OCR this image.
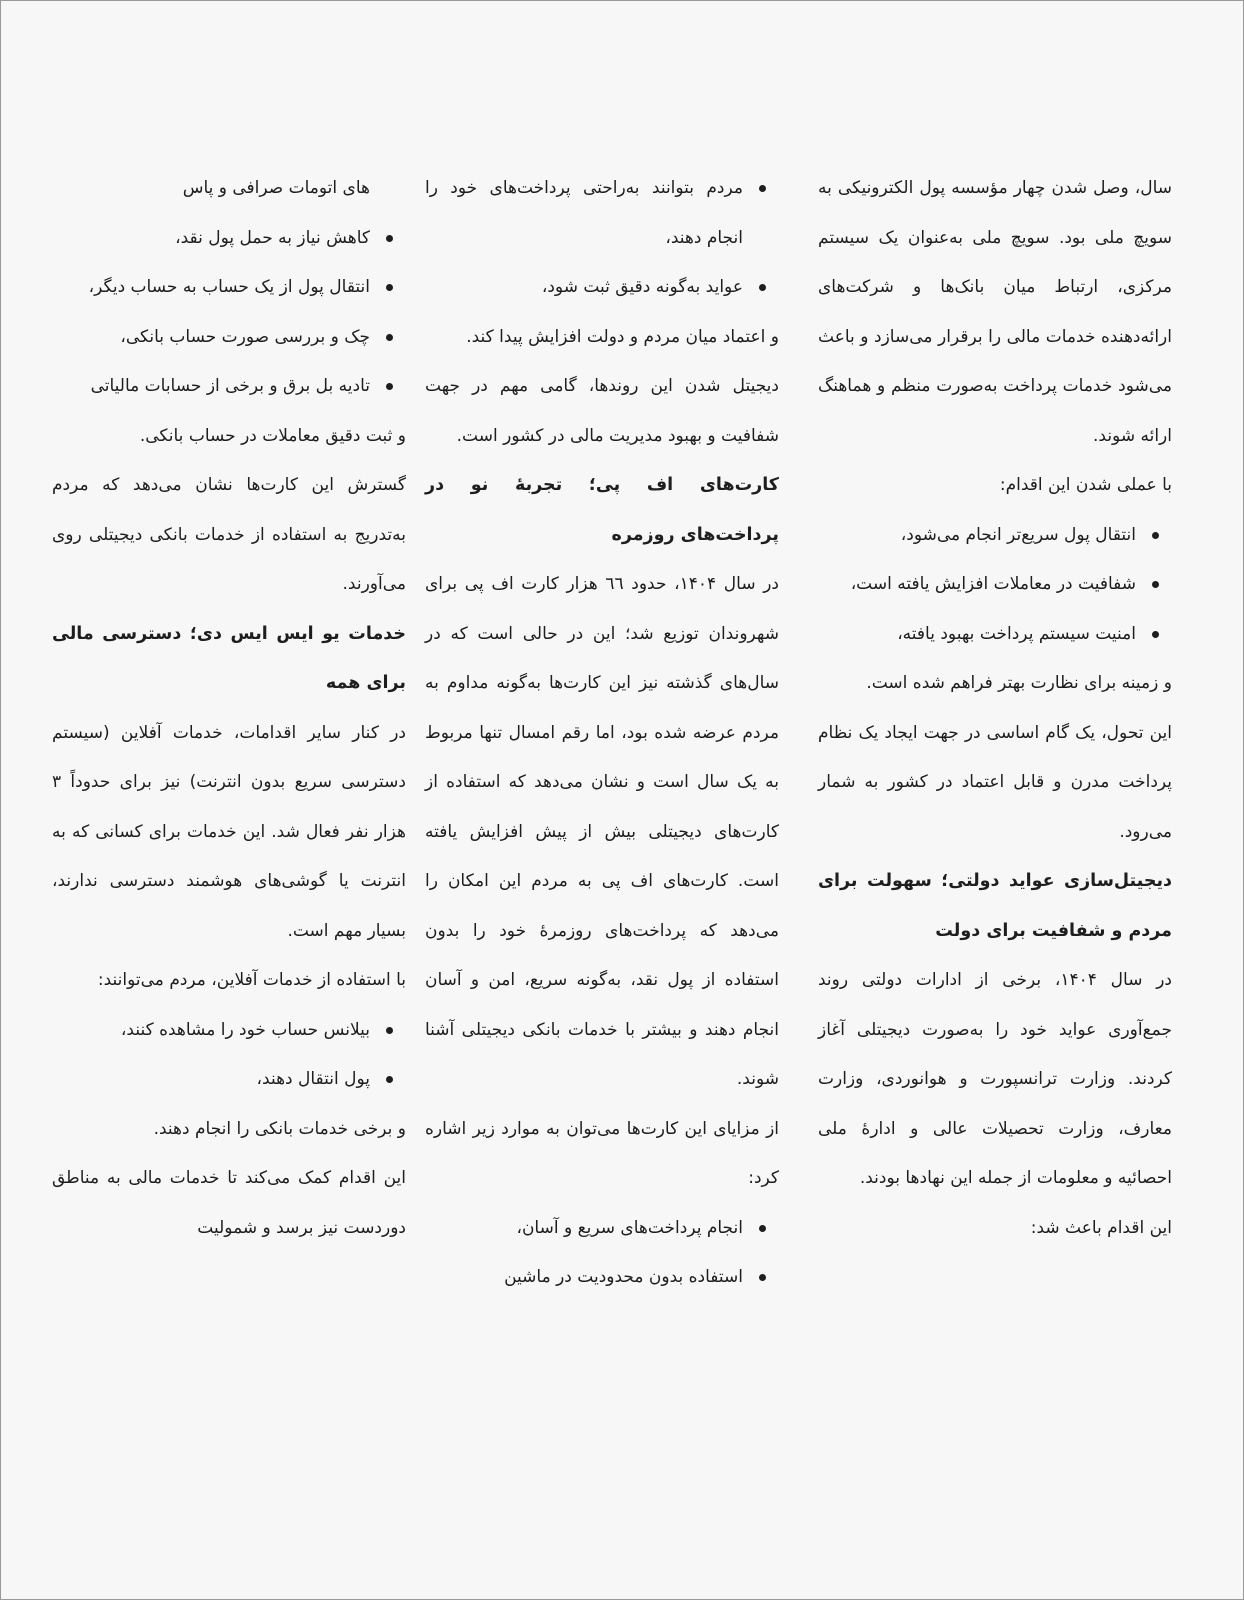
سال، وصل شدن چهار مؤسسه پول الکترونیکی به سویچ ملی بود. سویچ ملی به‌عنوان یک سیستم مرکزی، ارتباط میان بانک‌ها و شرکت‌های ارائه‌دهنده خدمات مالی را برقرار می‌سازد و باعث می‌شود خدمات پرداخت به‌صورت منظم و هماهنگ ارائه شوند.

با عملی شدن این اقدام:

انتقال پول سریع‌تر انجام می‌شود،
شفافیت در معاملات افزایش یافته است،
امنیت سیستم پرداخت بهبود یافته،

و زمینه برای نظارت بهتر فراهم شده است.

این تحول، یک گام اساسی در جهت ایجاد یک نظام پرداخت مدرن و قابل اعتماد در کشور به شمار می‌رود.

دیجیتل‌سازی عواید دولتی؛ سهولت برای مردم و شفافیت برای دولت

در سال ۱۴۰۴، برخی از ادارات دولتی روند جمع‌آوری عواید خود را به‌صورت دیجیتلی آغاز کردند. وزارت ترانسپورت و هوانوردی، وزارت معارف، وزارت تحصیلات عالی و ادارهٔ ملی احصائیه و معلومات از جمله این نهادها بودند.

این اقدام باعث شد:

مردم بتوانند به‌راحتی پرداخت‌های خود را انجام دهند،
عواید به‌گونه دقیق ثبت شود،

و اعتماد میان مردم و دولت افزایش پیدا کند.

دیجیتل شدن این روندها، گامی مهم در جهت شفافیت و بهبود مدیریت مالی در کشور است.

کارت‌های اف پی؛ تجربهٔ نو در پرداخت‌های روزمره

در سال ۱۴۰۴، حدود ٦٦ هزار کارت اف پی برای شهروندان توزیع شد؛ این در حالی است که در سال‌های گذشته نیز این کارت‌ها به‌گونه مداوم به مردم عرضه شده بود، اما رقم امسال تنها مربوط به یک سال است و نشان می‌دهد که استفاده از کارت‌های دیجیتلی بیش از پیش افزایش یافته است. کارت‌های اف پی به مردم این امکان را می‌دهد که پرداخت‌های روزمرهٔ خود را بدون استفاده از پول نقد، به‌گونه سریع، امن و آسان انجام دهند و بیشتر با خدمات بانکی دیجیتلی آشنا شوند.

از مزایای این کارت‌ها می‌توان به موارد زیر اشاره کرد:

انجام پرداخت‌های سریع و آسان،
استفاده بدون محدودیت در ماشین

های اتومات صرافی و پاس

کاهش نیاز به حمل پول نقد،
انتقال پول از یک حساب به حساب دیگر،
چک و بررسی صورت حساب بانکی،
تادیه بل برق و برخی از حسابات مالیاتی

و ثبت دقیق معاملات در حساب بانکی.

گسترش این کارت‌ها نشان می‌دهد که مردم به‌تدریج به استفاده از خدمات بانکی دیجیتلی روی می‌آورند.

خدمات یو ایس ایس دی؛ دسترسی مالی برای همه

در کنار سایر اقدامات، خدمات آفلاین (سیستم دسترسی سریع بدون انترنت) نیز برای حدوداً ۳ هزار نفر فعال شد. این خدمات برای کسانی که به انترنت یا گوشی‌های هوشمند دسترسی ندارند، بسیار مهم است.

با استفاده از خدمات آفلاین، مردم می‌توانند:

بیلانس حساب خود را مشاهده کنند،
پول انتقال دهند،

و برخی خدمات بانکی را انجام دهند.

این اقدام کمک می‌کند تا خدمات مالی به مناطق دوردست نیز برسد و شمولیت
